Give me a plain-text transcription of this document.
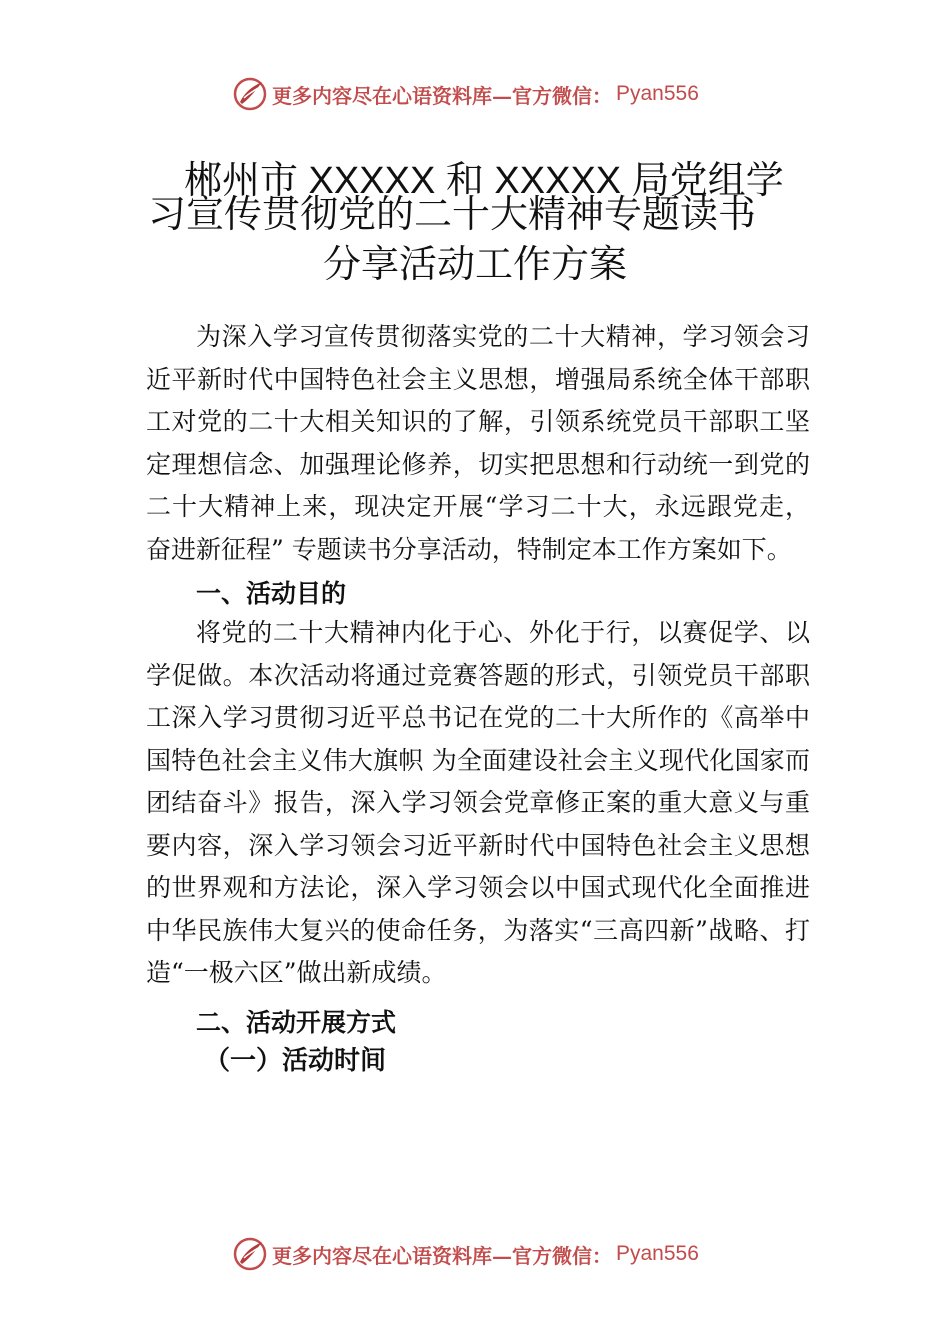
更多内容尽在心语资料库—官方微信： Pyan556
郴州市 XXXXX 和 XXXXX 局党组学
习宣传贯彻党的二十大精神专题读书
分享活动工作方案

为深入学习宣传贯彻落实党的二十大精神，学习领会习近平新时代中国特色社会主义思想，增强局系统全体干部职工对党的二十大相关知识的了解，引领系统党员干部职工坚定理想信念、加强理论修养，切实把思想和行动统一到党的二十大精神上来，现决定开展“学习二十大，永远跟党走， 奋进新征程” 专题读书分享活动，特制定本工作方案如下。

一、活动目的

将党的二十大精神内化于心、外化于行，以赛促学、以学促做。本次活动将通过竞赛答题的形式，引领党员干部职工深入学习贯彻习近平总书记在党的二十大所作的《高举中 国特色社会主义伟大旗帜 为全面建设社会主义现代化国家而团结奋斗》报告，深入学习领会党章修正案的重大意义与重要内容，深入学习领会习近平新时代中国特色社会主义思想的世界观和方法论，深入学习领会以中国式现代化全面推进中华民族伟大复兴的使命任务，为落实“三高四新”战略、打造“一极六区”做出新成绩。

二、活动开展方式
（一）活动时间
更多内容尽在心语资料库—官方微信： Pyan556
